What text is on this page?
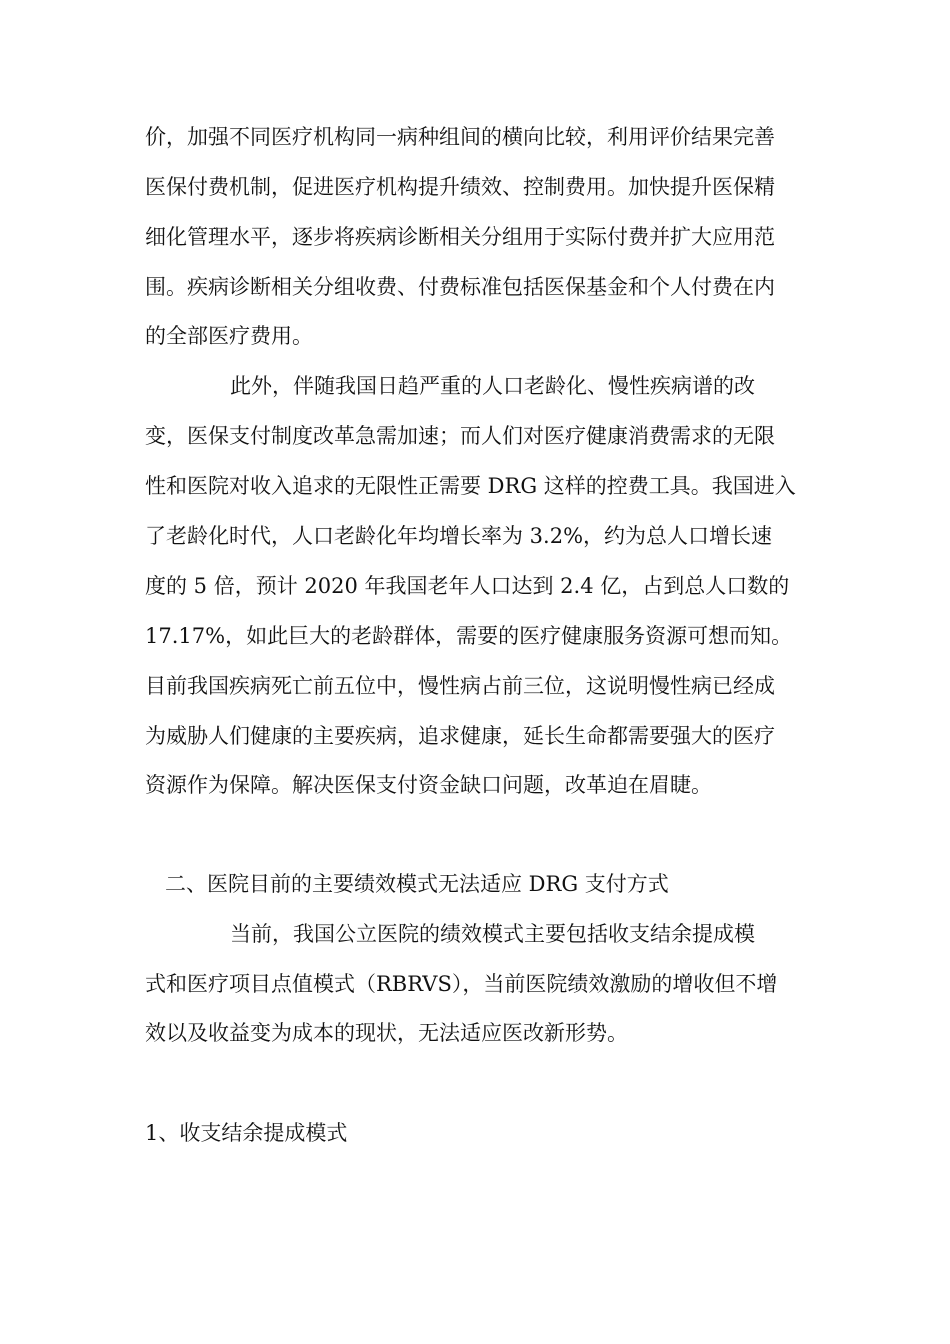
价，加强不同医疗机构同一病种组间的横向比较，利用评价结果完善

医保付费机制，促进医疗机构提升绩效、控制费用。加快提升医保精

细化管理水平，逐步将疾病诊断相关分组用于实际付费并扩大应用范

围。疾病诊断相关分组收费、付费标准包括医保基金和个人付费在内

的全部医疗费用。

此外，伴随我国日趋严重的人口老龄化、慢性疾病谱的改

变，医保支付制度改革急需加速；而人们对医疗健康消费需求的无限

性和医院对收入追求的无限性正需要 DRG 这样的控费工具。我国进入

了老龄化时代，人口老龄化年均增长率为 3.2%，约为总人口增长速

度的 5 倍，预计 2020 年我国老年人口达到 2.4 亿，占到总人口数的

17.17%，如此巨大的老龄群体，需要的医疗健康服务资源可想而知。

目前我国疾病死亡前五位中，慢性病占前三位，这说明慢性病已经成

为威胁人们健康的主要疾病，追求健康，延长生命都需要强大的医疗

资源作为保障。解决医保支付资金缺口问题，改革迫在眉睫。

二、医院目前的主要绩效模式无法适应 DRG 支付方式

当前，我国公立医院的绩效模式主要包括收支结余提成模

式和医疗项目点值模式（RBRVS），当前医院绩效激励的增收但不增

效以及收益变为成本的现状，无法适应医改新形势。

1、收支结余提成模式
